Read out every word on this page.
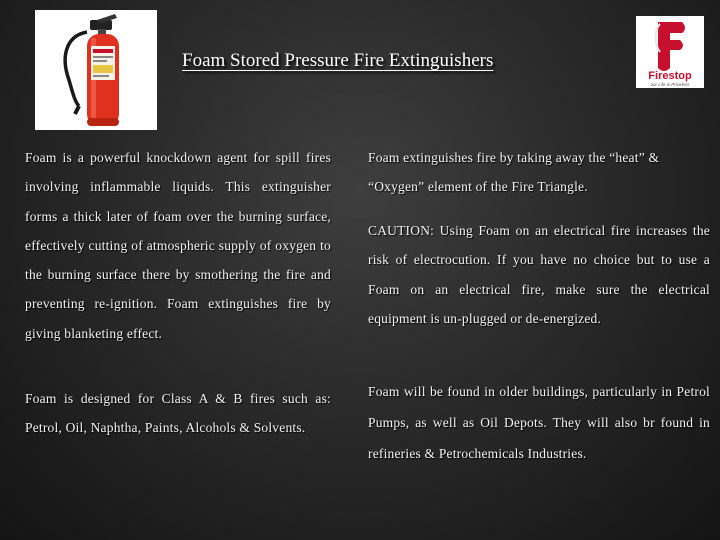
Firestop
our Life is Priceless
Foam Stored Pressure Fire Extinguishers

Foam is a powerful knockdown agent for spill fires involving inflammable liquids. This extinguisher forms a thick later of foam over the burning surface, effectively cutting of atmospheric supply of oxygen to the burning surface there by smothering the fire and preventing re-ignition. Foam extinguishes fire by giving blanketing effect.

Foam is designed for Class A & B fires such as: Petrol, Oil, Naphtha, Paints, Alcohols & Solvents.

Foam extinguishes fire by taking away the “heat” & “Oxygen” element of the Fire Triangle.

CAUTION: Using Foam on an electrical fire increases the risk of electrocution. If you have no choice but to use a Foam on an electrical fire, make sure the electrical equipment is un-plugged or de-energized.

Foam will be found in older buildings, particularly in Petrol Pumps, as well as Oil Depots. They will also br found in refineries & Petrochemicals Industries.
